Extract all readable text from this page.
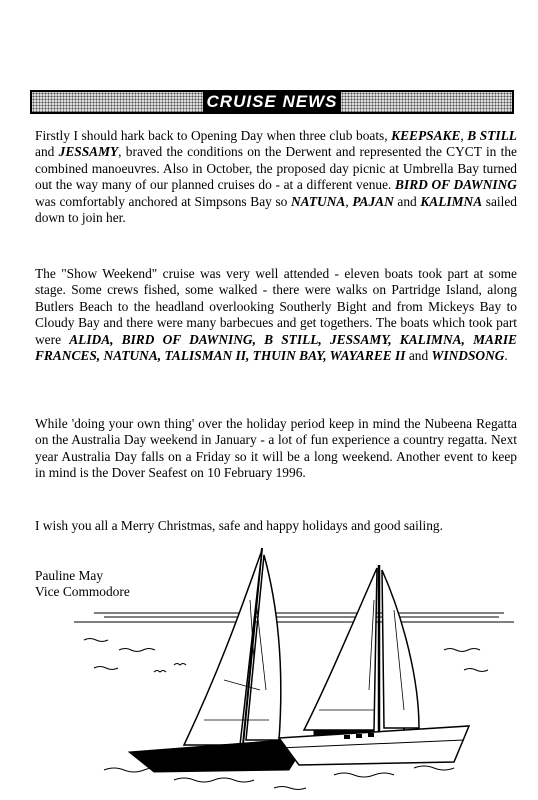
CRUISE NEWS

Firstly I should hark back to Opening Day when three club boats, KEEPSAKE, B STILL and JESSAMY, braved the conditions on the Derwent and represented the CYCT in the combined manoeuvres. Also in October, the proposed day picnic at Umbrella Bay turned out the way many of our planned cruises do - at a different venue. BIRD OF DAWNING was comfortably anchored at Simpsons Bay so NATUNA, PAJAN and KALIMNA sailed down to join her.

The "Show Weekend" cruise was very well attended - eleven boats took part at some stage. Some crews fished, some walked - there were walks on Partridge Island, along Butlers Beach to the headland overlooking Southerly Bight and from Mickeys Bay to Cloudy Bay and there were many barbecues and get togethers. The boats which took part were ALIDA, BIRD OF DAWNING, B STILL, JESSAMY, KALIMNA, MARIE FRANCES, NATUNA, TALISMAN II, THUIN BAY, WAYAREE II and WINDSONG.

While 'doing your own thing' over the holiday period keep in mind the Nubeena Regatta on the Australia Day weekend in January - a lot of fun experience a country regatta. Next year Australia Day falls on a Friday so it will be a long weekend. Another event to keep in mind is the Dover Seafest on 10 February 1996.

I wish you all a Merry Christmas, safe and happy holidays and good sailing.

Pauline May
Vice Commodore
